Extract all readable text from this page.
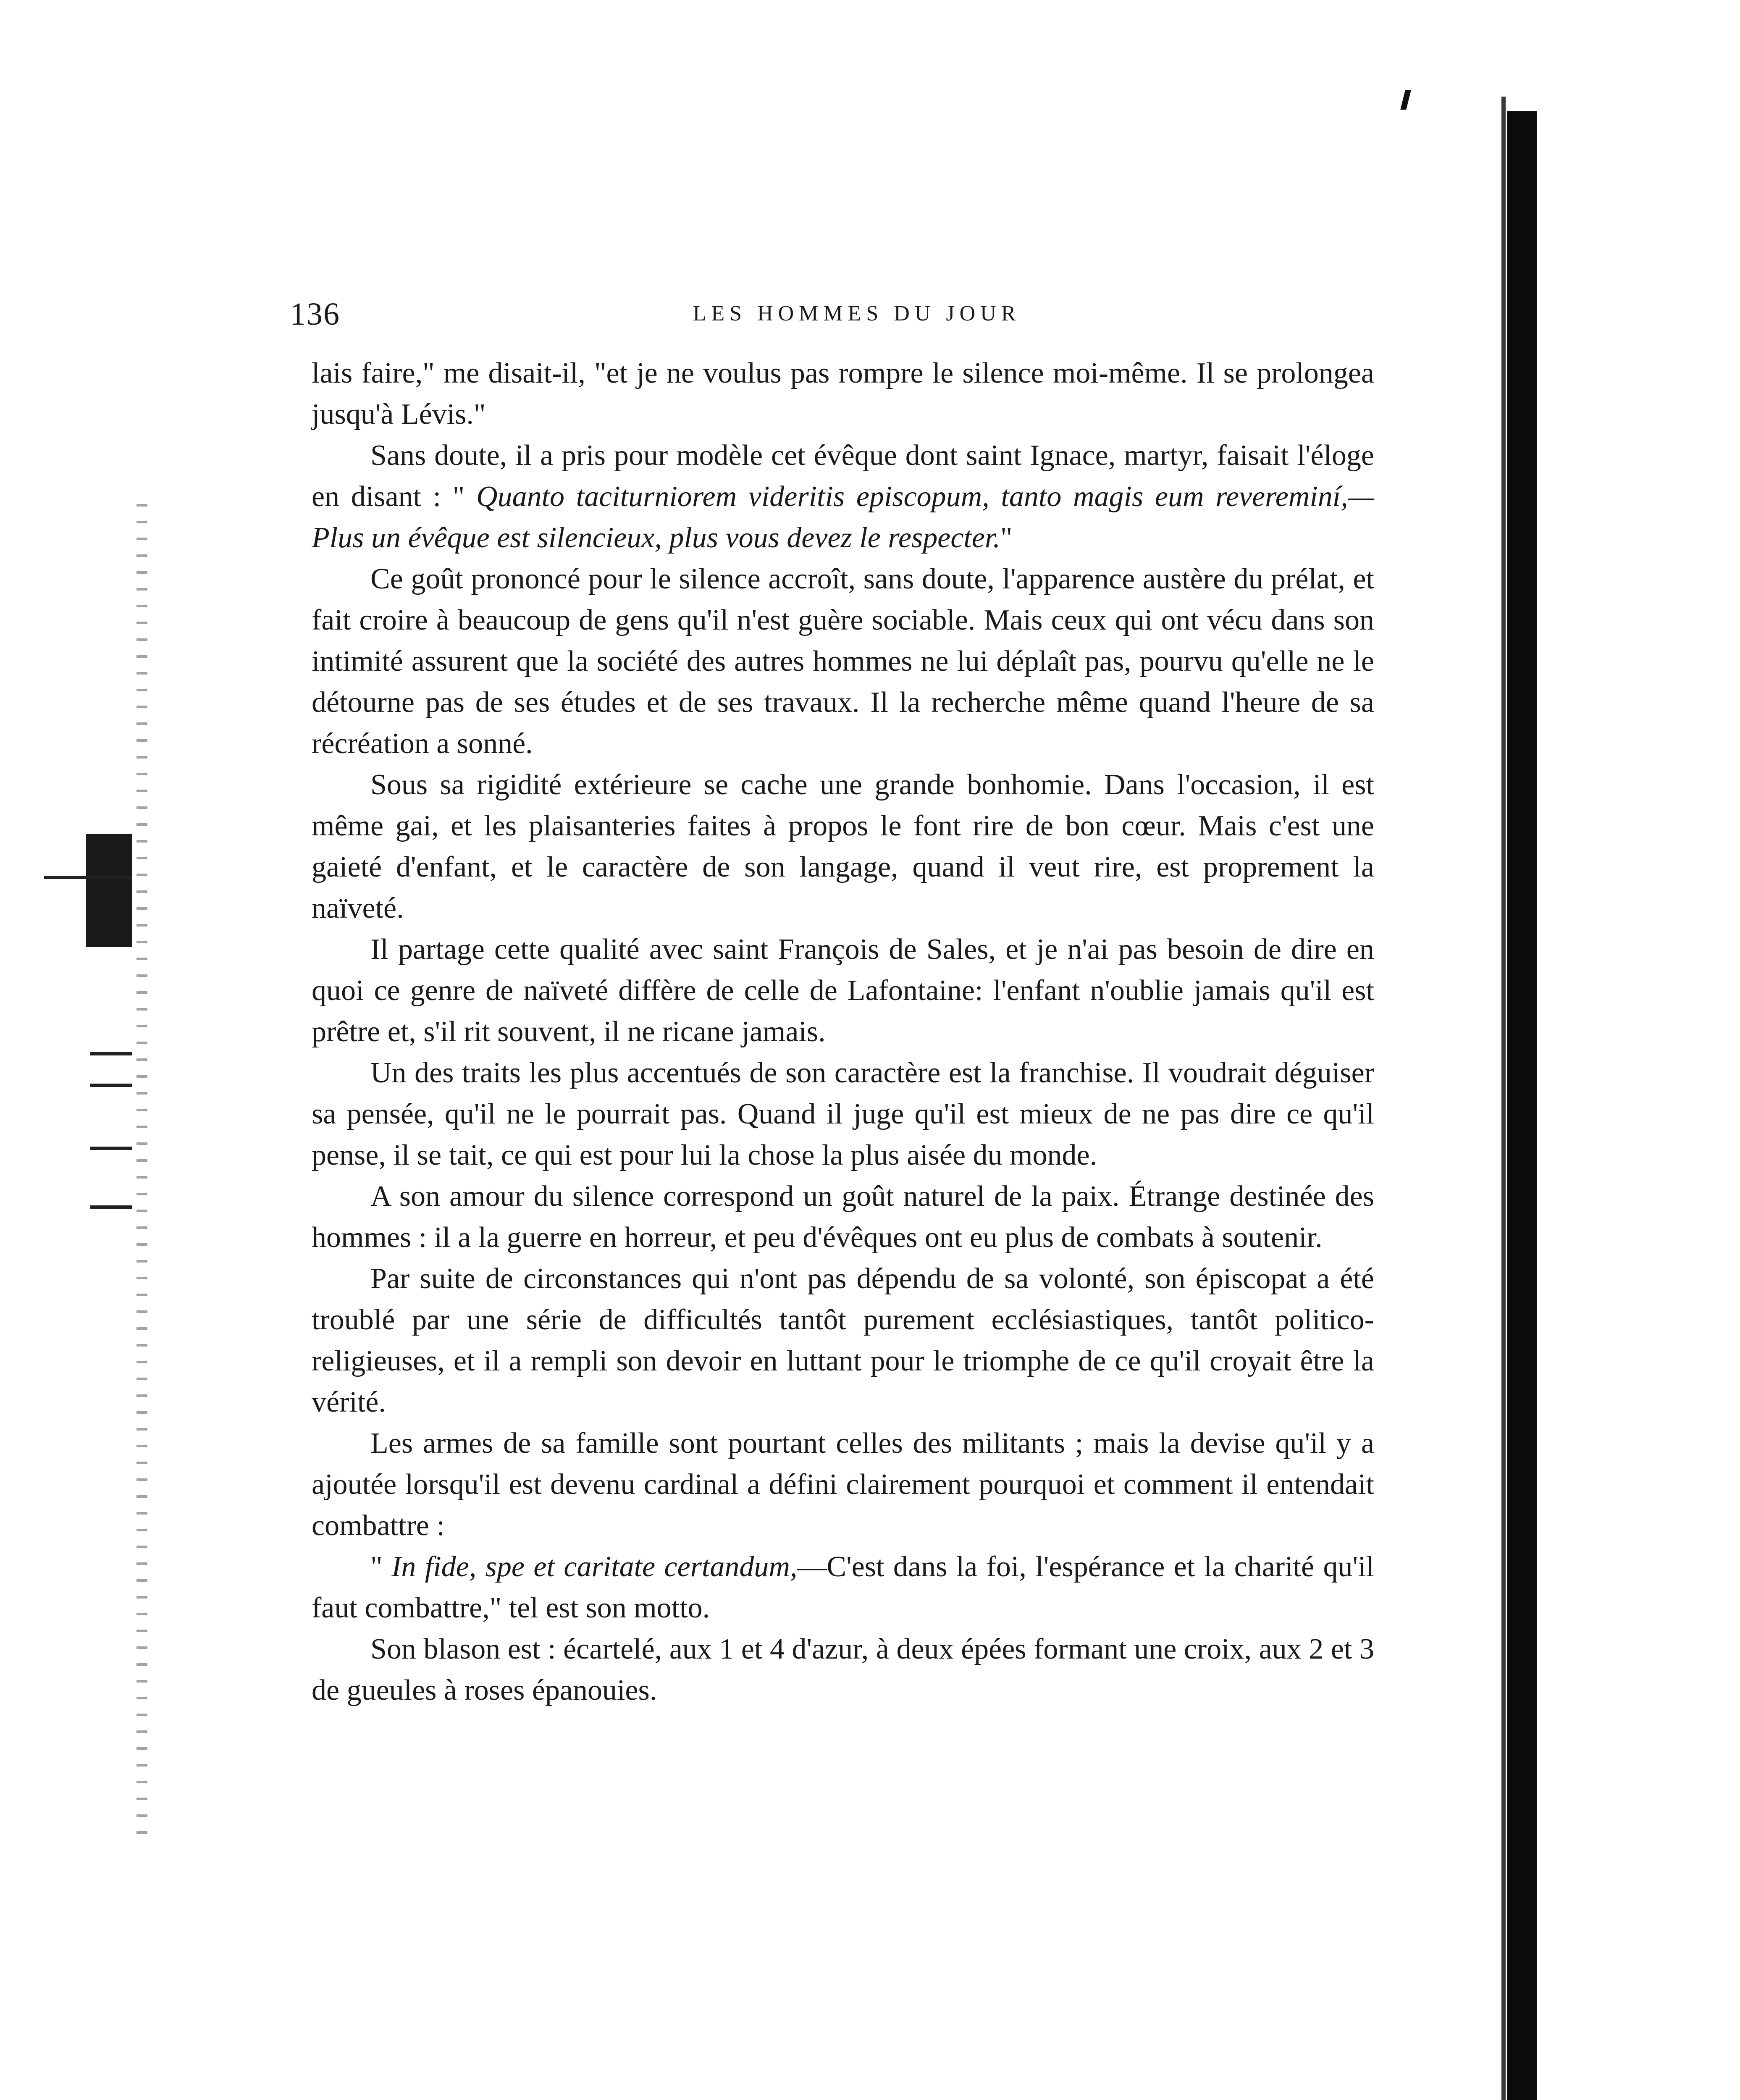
136	LES HOMMES DU JOUR

lais faire," me disait-il, "et je ne voulus pas rompre le silence moi-même. Il se prolongea jusqu'à Lévis."

Sans doute, il a pris pour modèle cet évêque dont saint Ignace, martyr, faisait l'éloge en disant : " Quanto taciturniorem videritis episcopum, tanto magis eum revereminí,—Plus un évêque est silencieux, plus vous devez le respecter."

Ce goût prononcé pour le silence accroît, sans doute, l'apparence austère du prélat, et fait croire à beaucoup de gens qu'il n'est guère sociable. Mais ceux qui ont vécu dans son intimité assurent que la société des autres hommes ne lui déplaît pas, pourvu qu'elle ne le détourne pas de ses études et de ses travaux. Il la recherche même quand l'heure de sa récréation a sonné.

Sous sa rigidité extérieure se cache une grande bonhomie. Dans l'occasion, il est même gai, et les plaisanteries faites à propos le font rire de bon cœur. Mais c'est une gaieté d'enfant, et le caractère de son langage, quand il veut rire, est proprement la naïveté.

Il partage cette qualité avec saint François de Sales, et je n'ai pas besoin de dire en quoi ce genre de naïveté diffère de celle de Lafontaine: l'enfant n'oublie jamais qu'il est prêtre et, s'il rit souvent, il ne ricane jamais.

Un des traits les plus accentués de son caractère est la franchise. Il voudrait déguiser sa pensée, qu'il ne le pourrait pas. Quand il juge qu'il est mieux de ne pas dire ce qu'il pense, il se tait, ce qui est pour lui la chose la plus aisée du monde.

A son amour du silence correspond un goût naturel de la paix. Étrange destinée des hommes : il a la guerre en horreur, et peu d'évêques ont eu plus de combats à soutenir.

Par suite de circonstances qui n'ont pas dépendu de sa volonté, son épiscopat a été troublé par une série de difficultés tantôt purement ecclésiastiques, tantôt politico-religieuses, et il a rempli son devoir en luttant pour le triomphe de ce qu'il croyait être la vérité.

Les armes de sa famille sont pourtant celles des militants ; mais la devise qu'il y a ajoutée lorsqu'il est devenu cardinal a défini clairement pourquoi et comment il entendait combattre :

" In fide, spe et caritate certandum,—C'est dans la foi, l'espérance et la charité qu'il faut combattre," tel est son motto.

Son blason est : écartelé, aux 1 et 4 d'azur, à deux épées formant une croix, aux 2 et 3 de gueules à roses épanouies.
